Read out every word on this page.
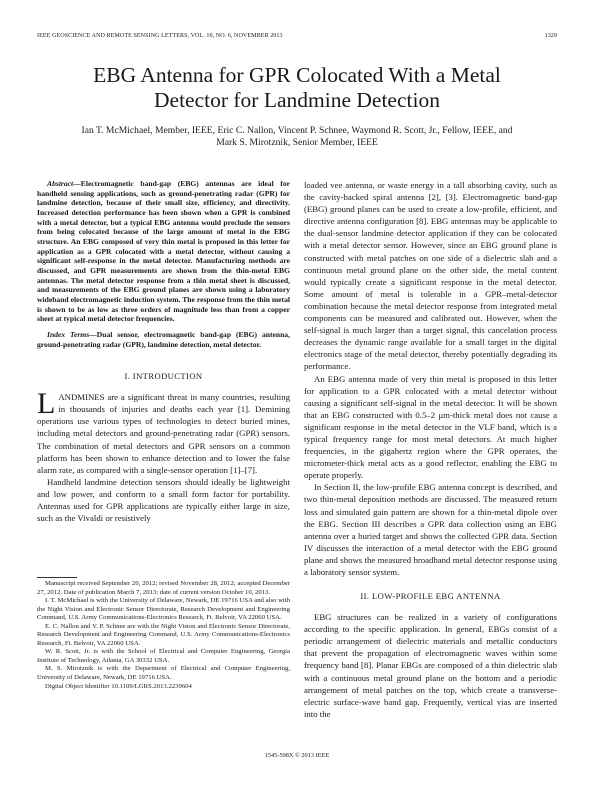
IEEE GEOSCIENCE AND REMOTE SENSING LETTERS, VOL. 10, NO. 6, NOVEMBER 2013	1329
EBG Antenna for GPR Colocated With a Metal
Detector for Landmine Detection
Ian T. McMichael, Member, IEEE, Eric C. Nallon, Vincent P. Schnee, Waymond R. Scott, Jr., Fellow, IEEE, and
Mark S. Mirotznik, Senior Member, IEEE

Abstract—Electromagnetic band-gap (EBG) antennas are ideal for handheld sensing applications, such as ground-penetrating radar (GPR) for landmine detection, because of their small size, efficiency, and directivity. Increased detection performance has been shown when a GPR is combined with a metal detector, but a typical EBG antenna would preclude the sensors from being colocated because of the large amount of metal in the EBG structure. An EBG composed of very thin metal is proposed in this letter for application as a GPR colocated with a metal detector, without causing a significant self-response in the metal detector. Manufacturing methods are discussed, and GPR measurements are shown from the thin-metal EBG antennas. The metal detector response from a thin metal sheet is discussed, and measurements of the EBG ground planes are shown using a laboratory wideband electromagnetic induction system. The response from the thin metal is shown to be as low as three orders of magnitude less than from a copper sheet at typical metal detector frequencies.

Index Terms—Dual sensor, electromagnetic band-gap (EBG) antenna, ground-penetrating radar (GPR), landmine detection, metal detector.

I. INTRODUCTION
L ANDMINES are a significant threat in many countries, resulting in thousands of injuries and deaths each year [1]. Demining operations use various types of technologies to detect buried mines, including metal detectors and ground-penetrating radar (GPR) sensors. The combination of metal detectors and GPR sensors on a common platform has been shown to enhance detection and to lower the false alarm rate, as compared with a single-sensor operation [1]–[7].

Handheld landmine detection sensors should ideally be lightweight and low power, and conform to a small form factor for portability. Antennas used for GPR applications are typically either large in size, such as the Vivaldi or resistively

Manuscript received September 20, 2012; revised November 28, 2012; accepted December 27, 2012. Date of publication March 7, 2013; date of current version October 10, 2013.

I. T. McMichael is with the University of Delaware, Newark, DE 19716 USA and also with the Night Vision and Electronic Sensor Directorate, Research Development and Engineering Command, U.S. Army Communications-Electronics Research, Ft. Belvoir, VA 22060 USA.

E. C. Nallon and V. P. Schnee are with the Night Vision and Electronic Sensor Directorate, Research Development and Engineering Command, U.S. Army Communications-Electronics Research, Ft. Belvoir, VA 22060 USA.

W. R. Scott, Jr. is with the School of Electrical and Computer Engineering, Georgia Institute of Technology, Atlanta, GA 30332 USA.

M. S. Mirotznik is with the Department of Electrical and Computer Engineering, University of Delaware, Newark, DE 19716 USA.

Digital Object Identifier 10.1109/LGRS.2013.2239604

loaded vee antenna, or waste energy in a tall absorbing cavity, such as the cavity-backed spiral antenna [2], [3]. Electromagnetic band-gap (EBG) ground planes can be used to create a low-profile, efficient, and directive antenna configuration [8]. EBG antennas may be applicable to the dual-sensor landmine detector application if they can be colocated with a metal detector sensor. However, since an EBG ground plane is constructed with metal patches on one side of a dielectric slab and a continuous metal ground plane on the other side, the metal content would typically create a significant response in the metal detector. Some amount of metal is tolerable in a GPR–metal-detector combination because the metal detector response from integrated metal components can be measured and calibrated out. However, when the self-signal is much larger than a target signal, this cancelation process decreases the dynamic range available for a small target in the digital electronics stage of the metal detector, thereby potentially degrading its performance.

An EBG antenna made of very thin metal is proposed in this letter for application to a GPR colocated with a metal detector without causing a significant self-signal in the metal detector. It will be shown that an EBG constructed with 0.5–2 μm-thick metal does not cause a significant response in the metal detector in the VLF band, which is a typical frequency range for most metal detectors. At much higher frequencies, in the gigahertz region where the GPR operates, the micrometer-thick metal acts as a good reflector, enabling the EBG to operate properly.

In Section II, the low-profile EBG antenna concept is described, and two thin-metal deposition methods are discussed. The measured return loss and simulated gain pattern are shown for a thin-metal dipole over the EBG. Section III describes a GPR data collection using an EBG antenna over a buried target and shows the collected GPR data. Section IV discusses the interaction of a metal detector with the EBG ground plane and shows the measured broadband metal detector response using a laboratory sensor system.

II. LOW-PROFILE EBG ANTENNA

EBG structures can be realized in a variety of configurations according to the specific application. In general, EBGs consist of a periodic arrangement of dielectric materials and metallic conductors that prevent the propagation of electromagnetic waves within some frequency band [8]. Planar EBGs are composed of a thin dielectric slab with a continuous metal ground plane on the bottom and a periodic arrangement of metal patches on the top, which create a transverse-electric surface-wave band gap. Frequently, vertical vias are inserted into the

1545-598X © 2013 IEEE
